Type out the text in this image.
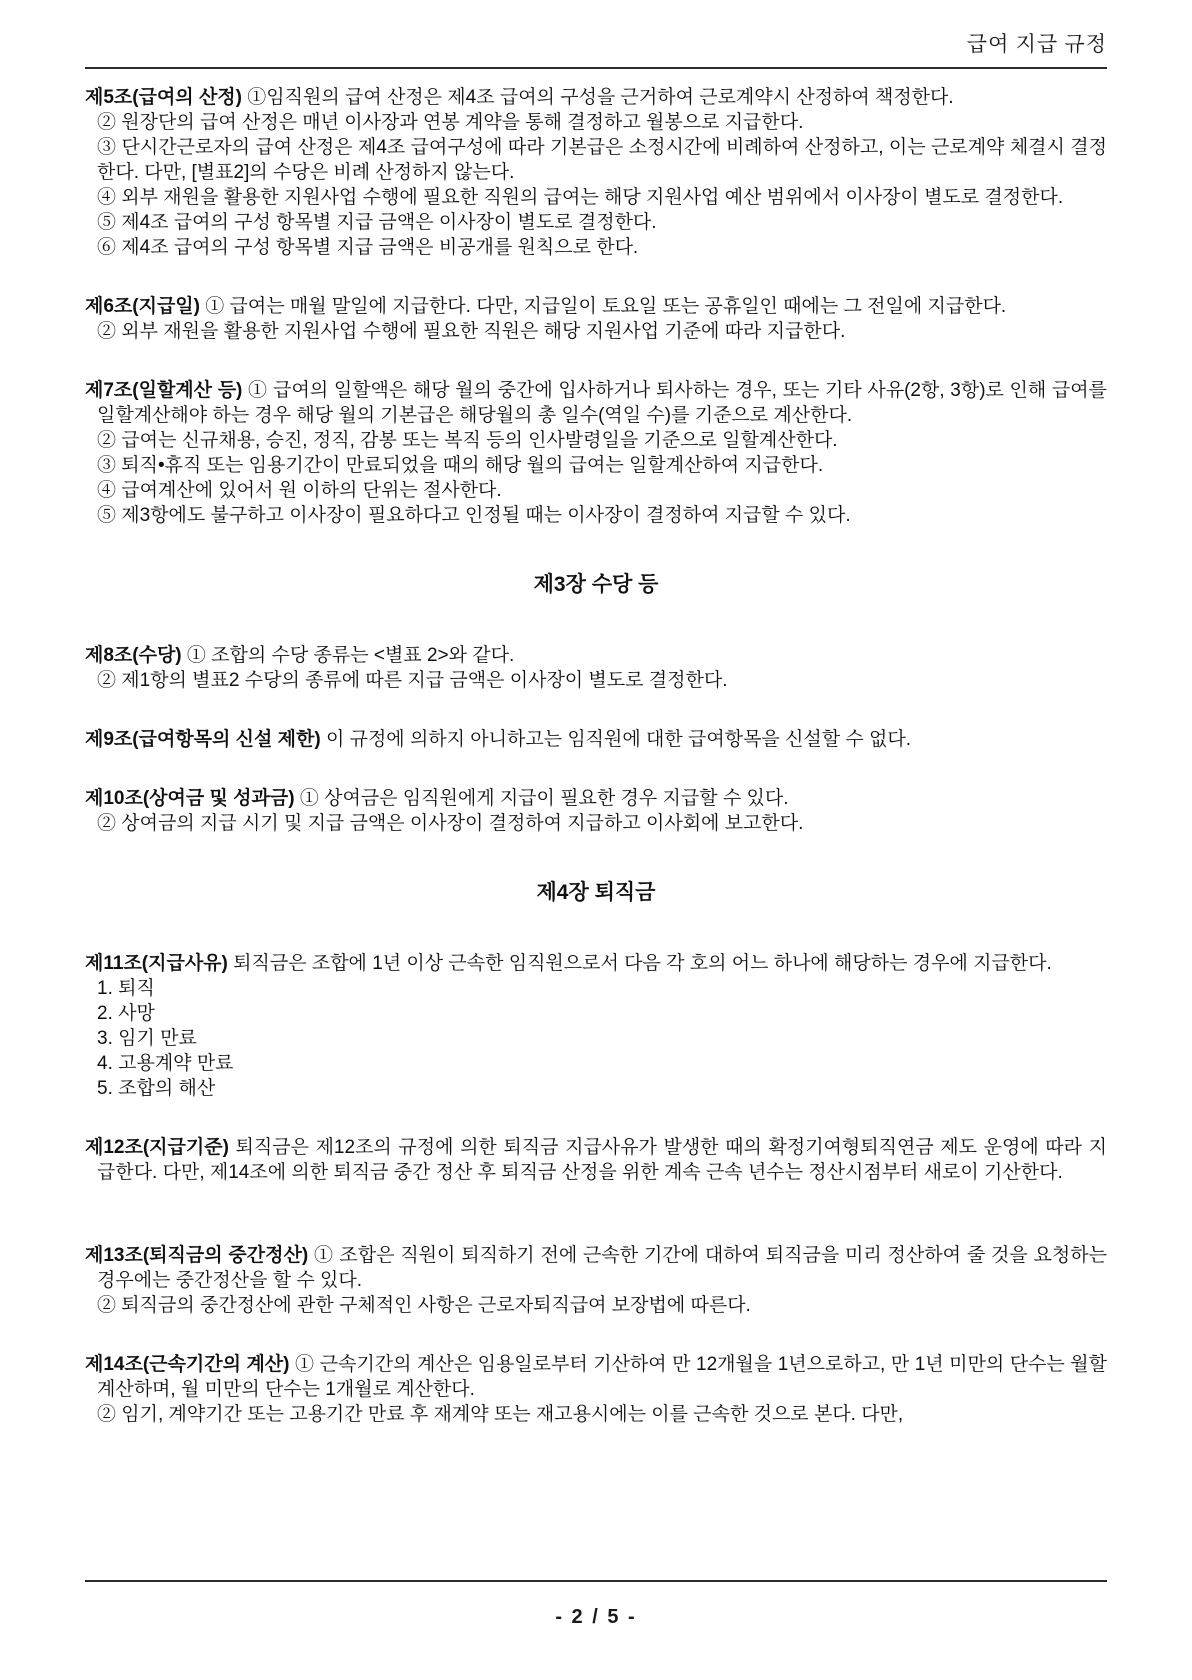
급여 지급 규정

제5조(급여의 산정) ①임직원의 급여 산정은 제4조 급여의 구성을 근거하여 근로계약시 산정하여 책정한다.

② 원장단의 급여 산정은 매년 이사장과 연봉 계약을 통해 결정하고 월봉으로 지급한다.

③ 단시간근로자의 급여 산정은 제4조 급여구성에 따라 기본급은 소정시간에 비례하여 산정하고, 이는 근로계약 체결시 결정한다. 다만, [별표2]의 수당은 비례 산정하지 않는다.

④ 외부 재원을 활용한 지원사업 수행에 필요한 직원의 급여는 해당 지원사업 예산 범위에서 이사장이 별도로 결정한다.

⑤ 제4조 급여의 구성 항목별 지급 금액은 이사장이 별도로 결정한다.

⑥ 제4조 급여의 구성 항목별 지급 금액은 비공개를 원칙으로 한다.

제6조(지급일) ① 급여는 매월 말일에 지급한다. 다만, 지급일이 토요일 또는 공휴일인 때에는 그 전일에 지급한다.

② 외부 재원을 활용한 지원사업 수행에 필요한 직원은 해당 지원사업 기준에 따라 지급한다.

제7조(일할계산 등) ① 급여의 일할액은 해당 월의 중간에 입사하거나 퇴사하는 경우, 또는 기타 사유(2항, 3항)로 인해 급여를 일할계산해야 하는 경우 해당 월의 기본급은 해당월의 총 일수(역일 수)를 기준으로 계산한다.

② 급여는 신규채용, 승진, 정직, 감봉 또는 복직 등의 인사발령일을 기준으로 일할계산한다.

③ 퇴직•휴직 또는 임용기간이 만료되었을 때의 해당 월의 급여는 일할계산하여 지급한다.

④ 급여계산에 있어서 원 이하의 단위는 절사한다.

⑤ 제3항에도 불구하고 이사장이 필요하다고 인정될 때는 이사장이 결정하여 지급할 수 있다.

제3장 수당 등

제8조(수당) ① 조합의 수당 종류는 <별표 2>와 같다.

② 제1항의 별표2 수당의 종류에 따른 지급 금액은 이사장이 별도로 결정한다.

제9조(급여항목의 신설 제한) 이 규정에 의하지 아니하고는 임직원에 대한 급여항목을 신설할 수 없다.

제10조(상여금 및 성과금) ① 상여금은 임직원에게 지급이 필요한 경우 지급할 수 있다.

② 상여금의 지급 시기 및 지급 금액은 이사장이 결정하여 지급하고 이사회에 보고한다.

제4장 퇴직금

제11조(지급사유) 퇴직금은 조합에 1년 이상 근속한 임직원으로서 다음 각 호의 어느 하나에 해당하는 경우에 지급한다.

1. 퇴직

2. 사망

3. 임기 만료

4. 고용계약 만료

5. 조합의 해산

제12조(지급기준) 퇴직금은 제12조의 규정에 의한 퇴직금 지급사유가 발생한 때의 확정기여형퇴직연금 제도 운영에 따라 지급한다. 다만, 제14조에 의한 퇴직금 중간 정산 후 퇴직금 산정을 위한 계속 근속 년수는 정산시점부터 새로이 기산한다.

제13조(퇴직금의 중간정산) ① 조합은 직원이 퇴직하기 전에 근속한 기간에 대하여 퇴직금을 미리 정산하여 줄 것을 요청하는 경우에는 중간정산을 할 수 있다.

② 퇴직금의 중간정산에 관한 구체적인 사항은 근로자퇴직급여 보장법에 따른다.

제14조(근속기간의 계산) ① 근속기간의 계산은 임용일로부터 기산하여 만 12개월을 1년으로하고, 만 1년 미만의 단수는 월할 계산하며, 월 미만의 단수는 1개월로 계산한다.

② 임기, 계약기간 또는 고용기간 만료 후 재계약 또는 재고용시에는 이를 근속한 것으로 본다. 다만,

- 2 / 5 -
